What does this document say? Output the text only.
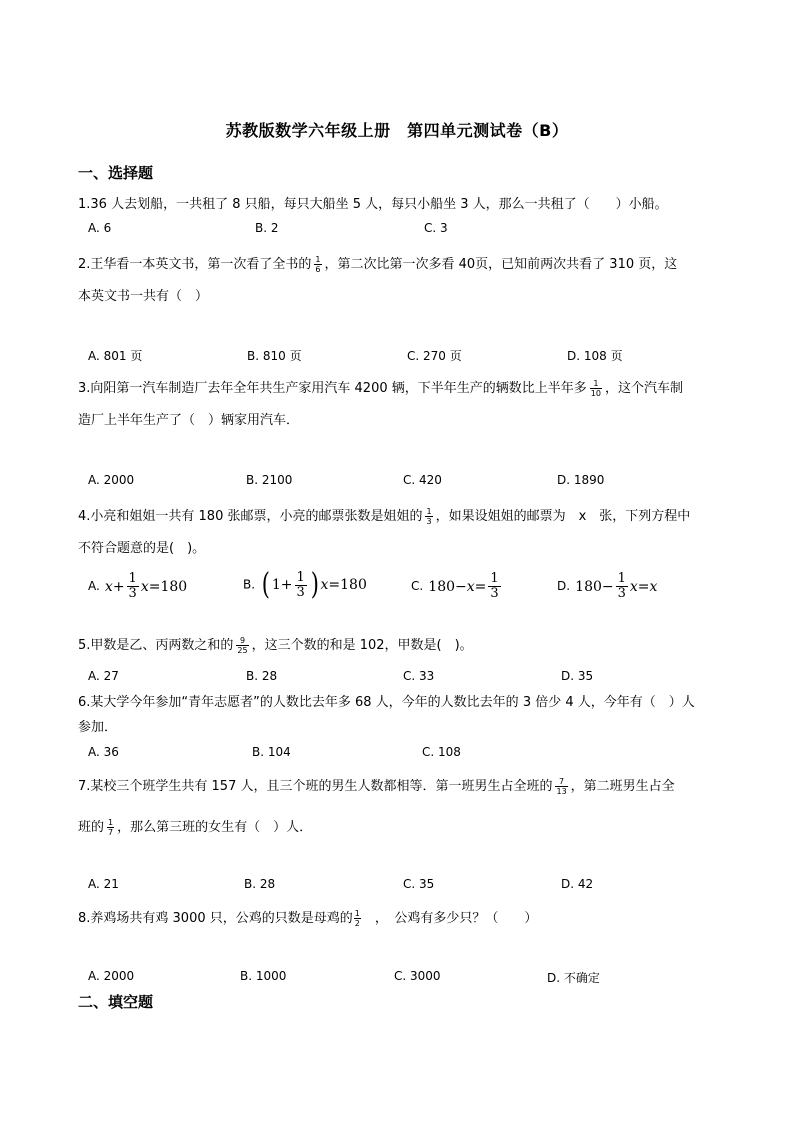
苏教版数学六年级上册　第四单元测试卷（B）
一、选择题
1.36 人去划船，一共租了 8 只船，每只大船坐 5 人，每只小船坐 3 人，那么一共租了（　　）小船。
A. 6	B. 2	C. 3
2.王华看一本英文书，第一次看了全书的 $\frac{1}{6}$ ，第二次比第一次多看 40页，已知前两次共看了 310 页，这
本英文书一共有（　）
A. 801 页	B. 810 页	C. 270 页	D. 108 页
3.向阳第一汽车制造厂去年全年共生产家用汽车 4200 辆，下半年生产的辆数比上半年多 $\frac{1}{10}$ ，这个汽车制
造厂上半年生产了（　）辆家用汽车．
A. 2000	B. 2100	C. 420	D. 1890
4.小亮和姐姐一共有 180 张邮票，小亮的邮票张数是姐姐的 $\frac{1}{3}$ ，如果设姐姐的邮票为　x　张，下列方程中
不符合题意的是(　)。
A. $x+ \frac{1}{3} x=180$	B. ( $1+ \frac{1}{3}$ ) x=180	C. $180-x= \frac{1}{3}$	D. $180- \frac{1}{3} x=x$
5.甲数是乙、丙两数之和的 $\frac{9}{25}$ ，这三个数的和是 102，甲数是(　)。
A. 27	B. 28	C. 33	D. 35
6.某大学今年参加“青年志愿者”的人数比去年多 68 人，今年的人数比去年的 3 倍少 4 人，今年有（　）人
参加．
A. 36	B. 104	C. 108
7.某校三个班学生共有 157 人，且三个班的男生人数都相等．第一班男生占全班的 $\frac{7}{13}$ ，第二班男生占全
班的 $\frac{1}{7}$ ，那么第三班的女生有（　）人．
A. 21	B. 28	C. 35	D. 42
8.养鸡场共有鸡 3000 只，公鸡的只数是母鸡的 $\frac{1}{2}$ 　，　公鸡有多少只？（　　）
A. 2000	B. 1000	C. 3000	D. 不确定
二、填空题
